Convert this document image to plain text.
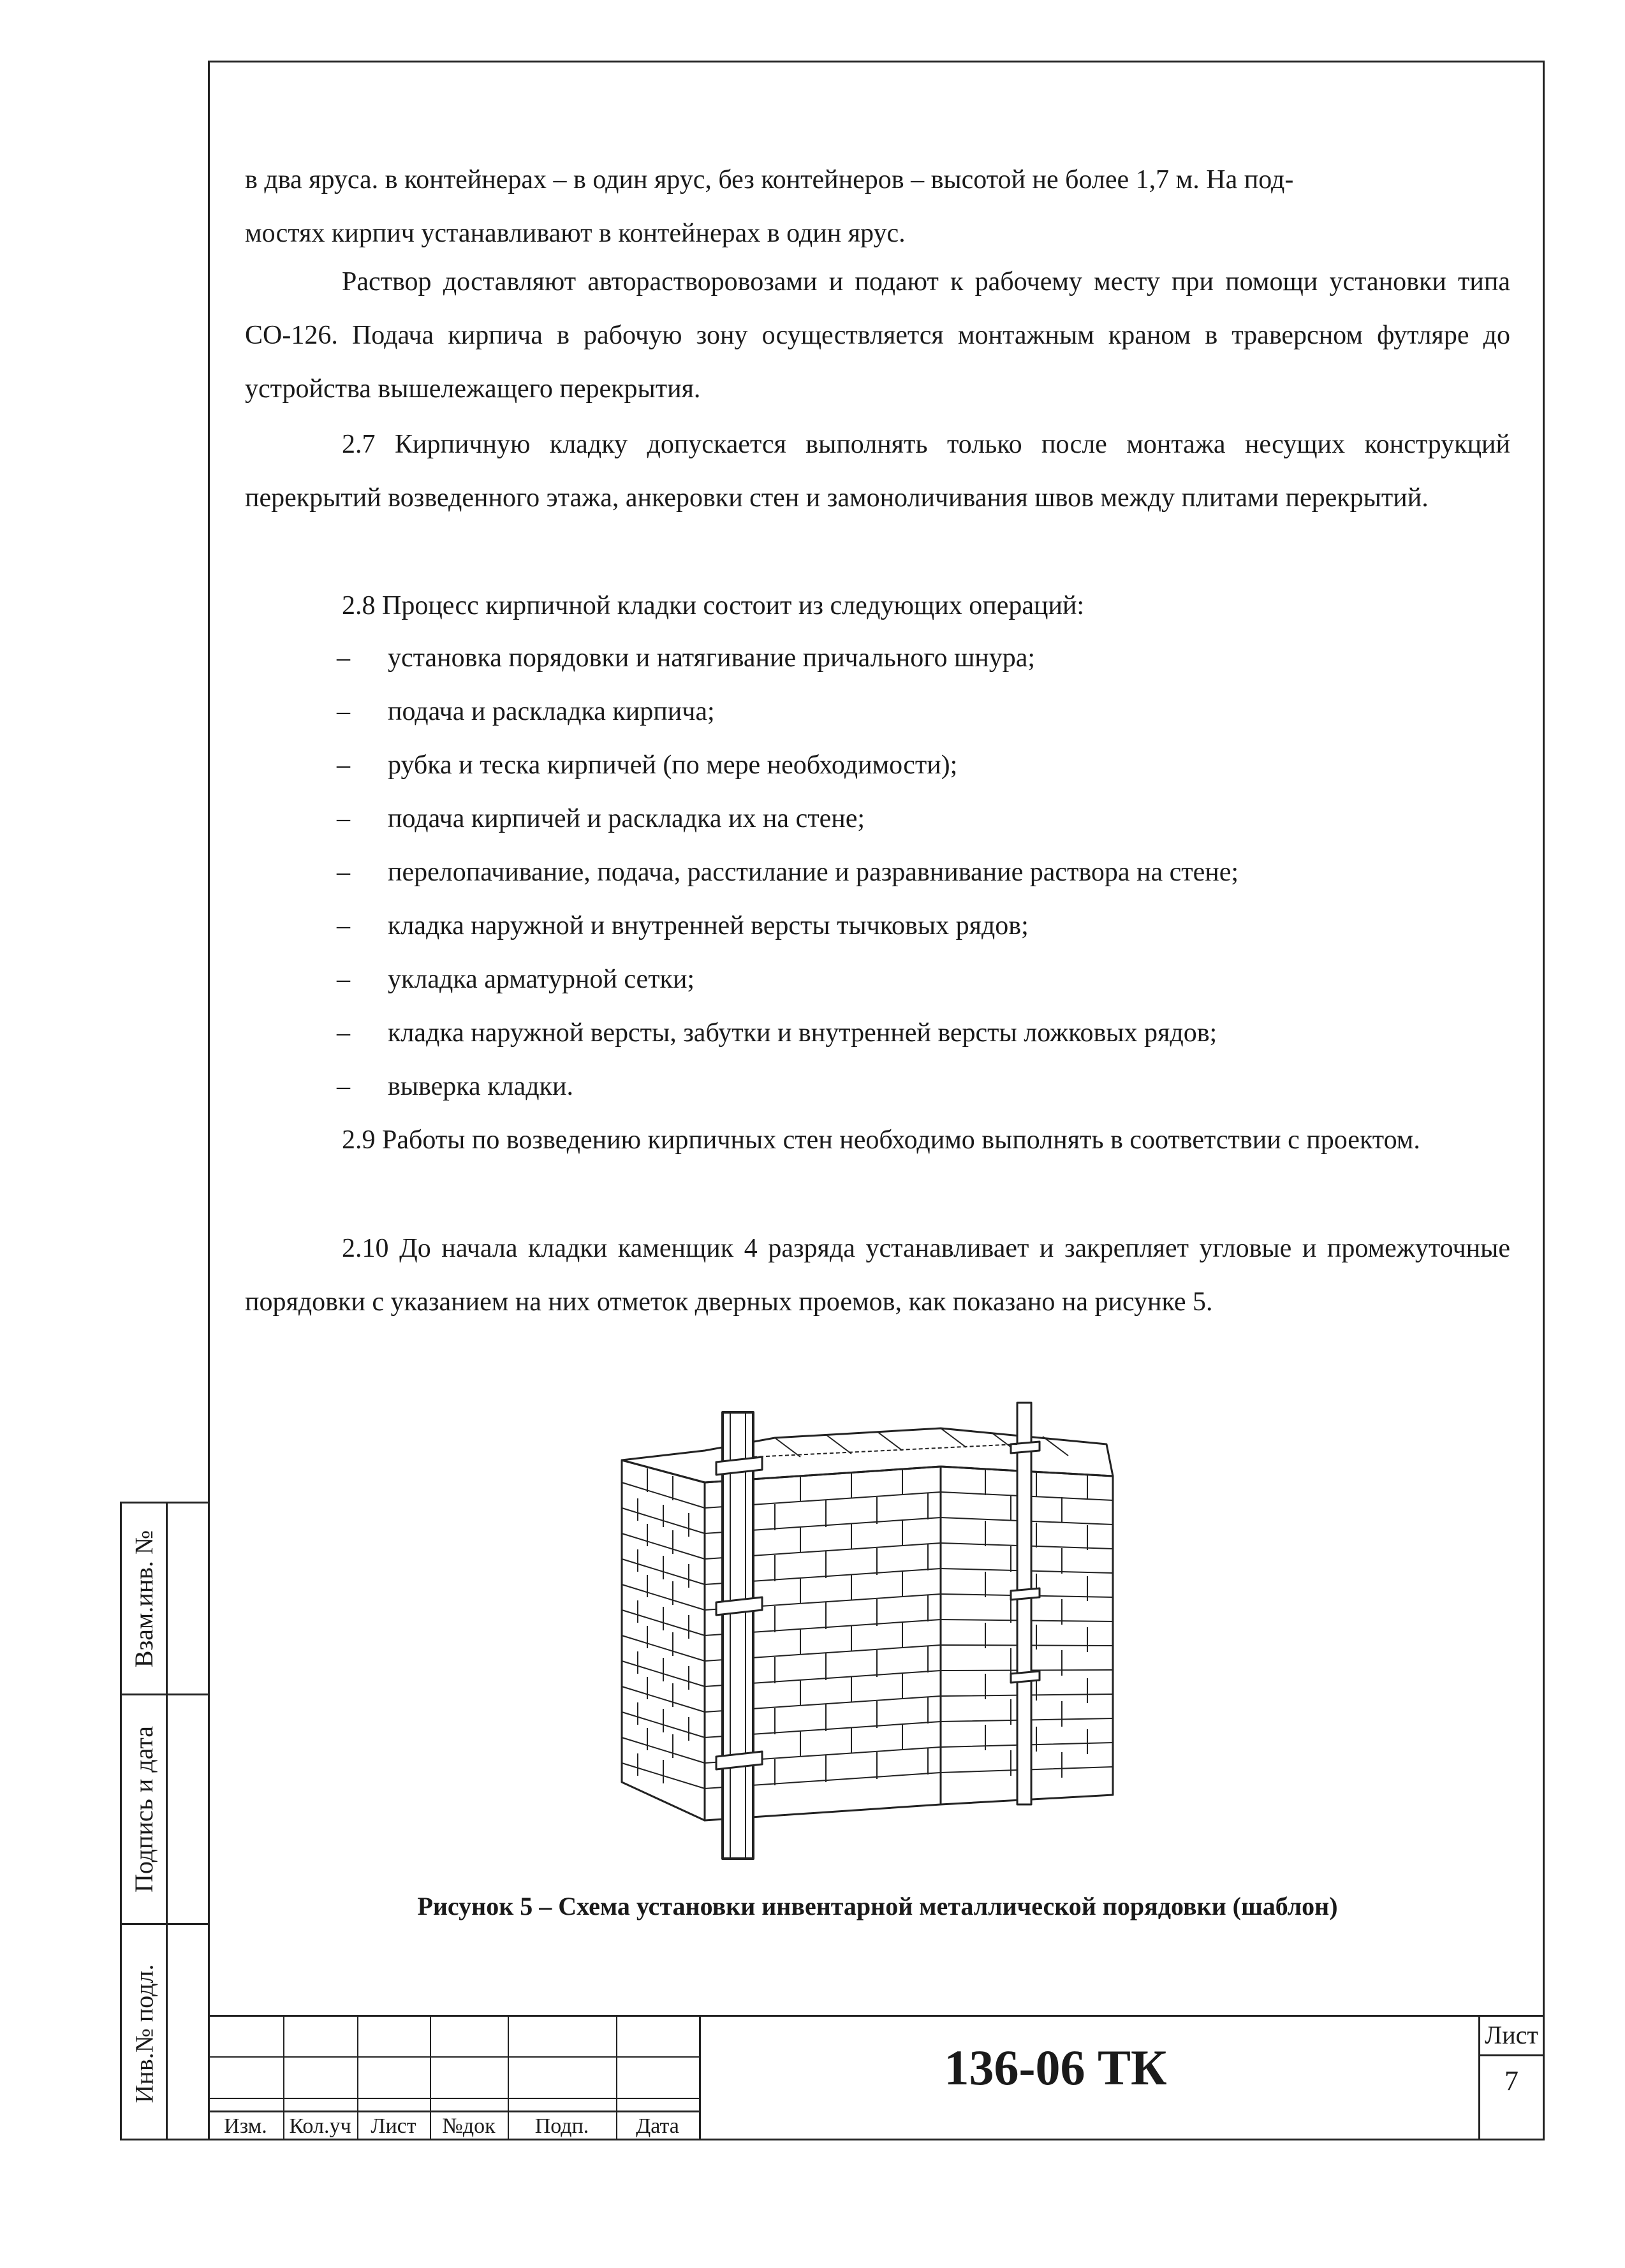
Взам.инв. №
Подпись и дата
Инв.№ подл.

в два яруса. в контейнерах – в один ярус, без контейнеров – высотой не более 1,7 м. На под-

мостях кирпич устанавливают в контейнерах в один ярус.

Раствор доставляют авторастворовозами и подают к рабочему месту при помощи установки типа СО-126. Подача кирпича в рабочую зону осуществляется монтажным краном в траверсном футляре до устройства вышележащего перекрытия.

2.7 Кирпичную кладку допускается выполнять только после монтажа несущих конструкций перекрытий возведенного этажа, анкеровки стен и замоноличивания швов между плитами перекрытий.

2.8 Процесс кирпичной кладки состоит из следующих операций:

– установка порядовки и натягивание причального шнура;
– подача и раскладка кирпича;
– рубка и теска кирпичей (по мере необходимости);
– подача кирпичей и раскладка их на стене;
– перелопачивание, подача, расстилание и разравнивание раствора на стене;
– кладка наружной и внутренней версты тычковых рядов;
– укладка арматурной сетки;
– кладка наружной версты, забутки и внутренней версты ложковых рядов;
– выверка кладки.

2.9 Работы по возведению кирпичных стен необходимо выполнять в соответствии с проектом.

2.10 До начала кладки каменщик 4 разряда устанавливает и закрепляет угловые и промежуточные порядовки с указанием на них отметок дверных проемов, как показано на рисунке 5.

Рисунок 5 – Схема установки инвентарной металлической порядовки (шаблон)
Изм.	Кол.уч Лист	№док	Подп.	Дата
136-06 ТК
Лист
7
